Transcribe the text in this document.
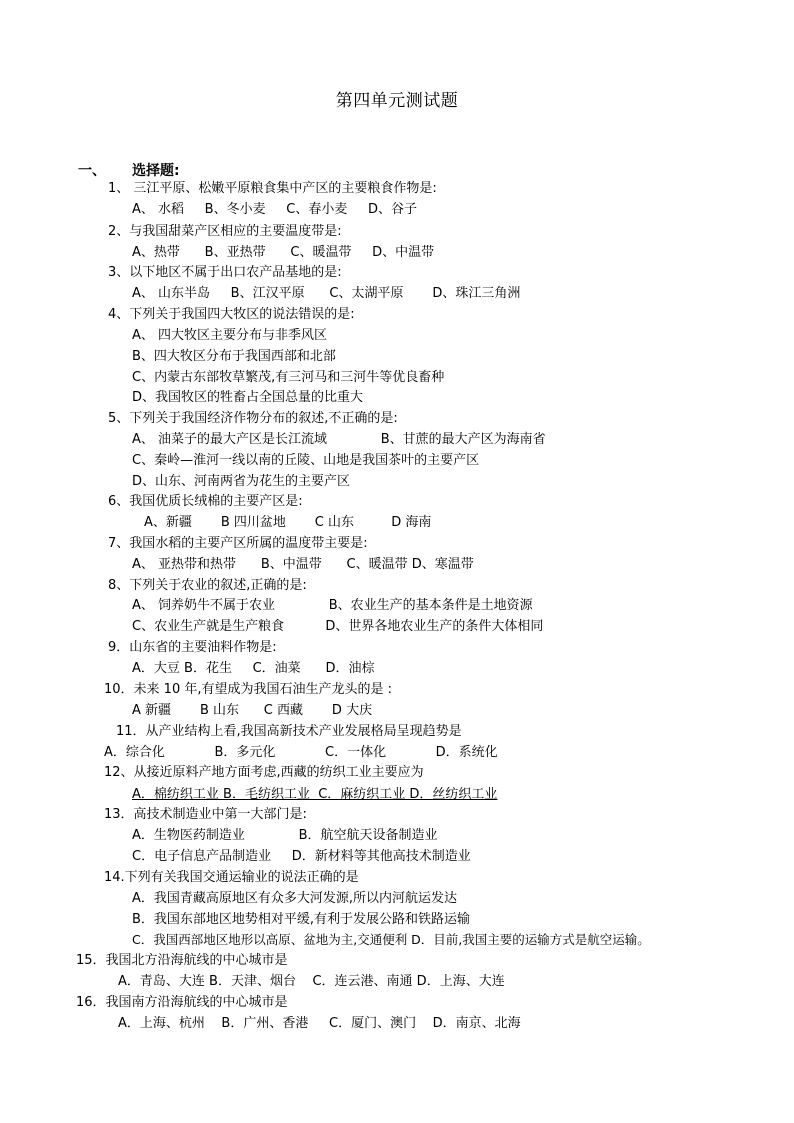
第四单元测试题
一、 选择题:
1、 三江平原、松嫩平原粮食集中产区的主要粮食作物是:
A、 水稻     B、冬小麦     C、春小麦     D、谷子
2、与我国甜菜产区相应的主要温度带是:
A、热带      B、亚热带      C、暖温带     D、中温带
3、以下地区不属于出口农产品基地的是:
A、 山东半岛     B、江汉平原      C、太湖平原       D、珠江三角洲
4、下列关于我国四大牧区的说法错误的是:
A、 四大牧区主要分布与非季风区
B、四大牧区分布于我国西部和北部
C、内蒙古东部牧草繁茂,有三河马和三河牛等优良畜种
D、我国牧区的牲畜占全国总量的比重大
5、下列关于我国经济作物分布的叙述,不正确的是:
A、 油菜子的最大产区是长江流域             B、甘蔗的最大产区为海南省
C、秦岭—淮河一线以南的丘陵、山地是我国茶叶的主要产区
D、山东、河南两省为花生的主要产区
6、我国优质长绒棉的主要产区是:
A、新疆       B 四川盆地       C 山东         D 海南
7、我国水稻的主要产区所属的温度带主要是:
A、 亚热带和热带      B、中温带      C、暖温带 D、寒温带
8、下列关于农业的叙述,正确的是:
A、 饲养奶牛不属于农业             B、农业生产的基本条件是土地资源
C、农业生产就是生产粮食          D、世界各地农业生产的条件大体相同
9．山东省的主要油料作物是:
A．大豆 B．花生     C．油菜      D．油棕
10．未来 10 年,有望成为我国石油生产龙头的是 :
A 新疆       B 山东      C 西藏       D 大庆
11．从产业结构上看,我国高新技术产业发展格局呈现趋势是
A．综合化            B．多元化            C．一体化            D．系统化
12、从接近原料产地方面考虑,西藏的纺织工业主要应为
A．棉纺织工业 B．毛纺织工业  C．麻纺织工业 D．丝纺织工业
13．高技术制造业中第一大部门是:
A．生物医药制造业             B．航空航天设备制造业
C．电子信息产品制造业     D．新材料等其他高技术制造业
14.下列有关我国交通运输业的说法正确的是
A．我国青藏高原地区有众多大河发源,所以内河航运发达
B．我国东部地区地势相对平缓,有利于发展公路和铁路运输
C．我国西部地区地形以高原、盆地为主,交通便利 D．目前,我国主要的运输方式是航空运输。
15．我国北方沿海航线的中心城市是
A．青岛、大连 B．天津、烟台    C．连云港、南通 D．上海、大连
16．我国南方沿海航线的中心城市是
A．上海、杭州    B．广州、香港     C．厦门、澳门    D．南京、北海
